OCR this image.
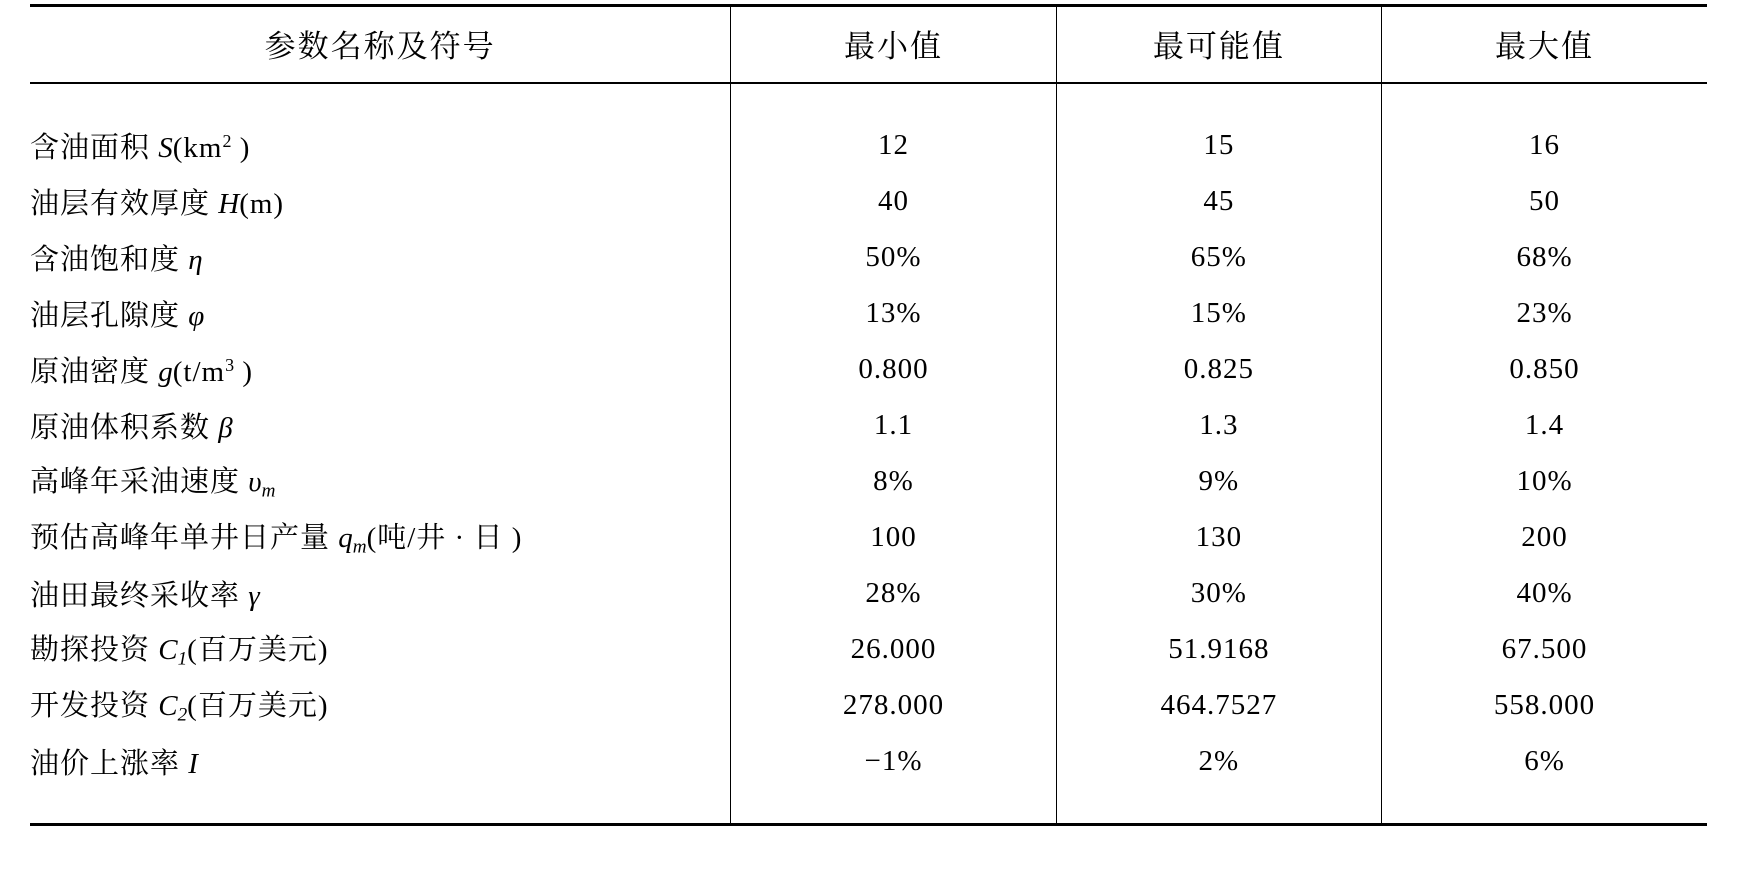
参数名称及符号	最小值	最可能值	最大值

含油面积 $S(km^2$ )	12	15	16
油层有效厚度 H(m)	40	45	50
含油饱和度 η	50%	65%	68%
油层孔隙度 φ	13%	15%	23%
原油密度 $g(t/m^3$ )	0.800	0.825	0.850
原油体积系数 β	1.1	1.3	1.4
高峰年采油速度 $\upsilon_m$	8%	9%	10%
预估高峰年单井日产量 $q_m$(吨/井 · 日 )	100	130	200
油田最终采收率 γ	28%	30%	40%
勘探投资 $C_1$(百万美元)	26.000	51.9168	67.500
开发投资 $C_2$(百万美元)	278.000	464.7527	558.000
油价上涨率 I	−1%	2%	6%
